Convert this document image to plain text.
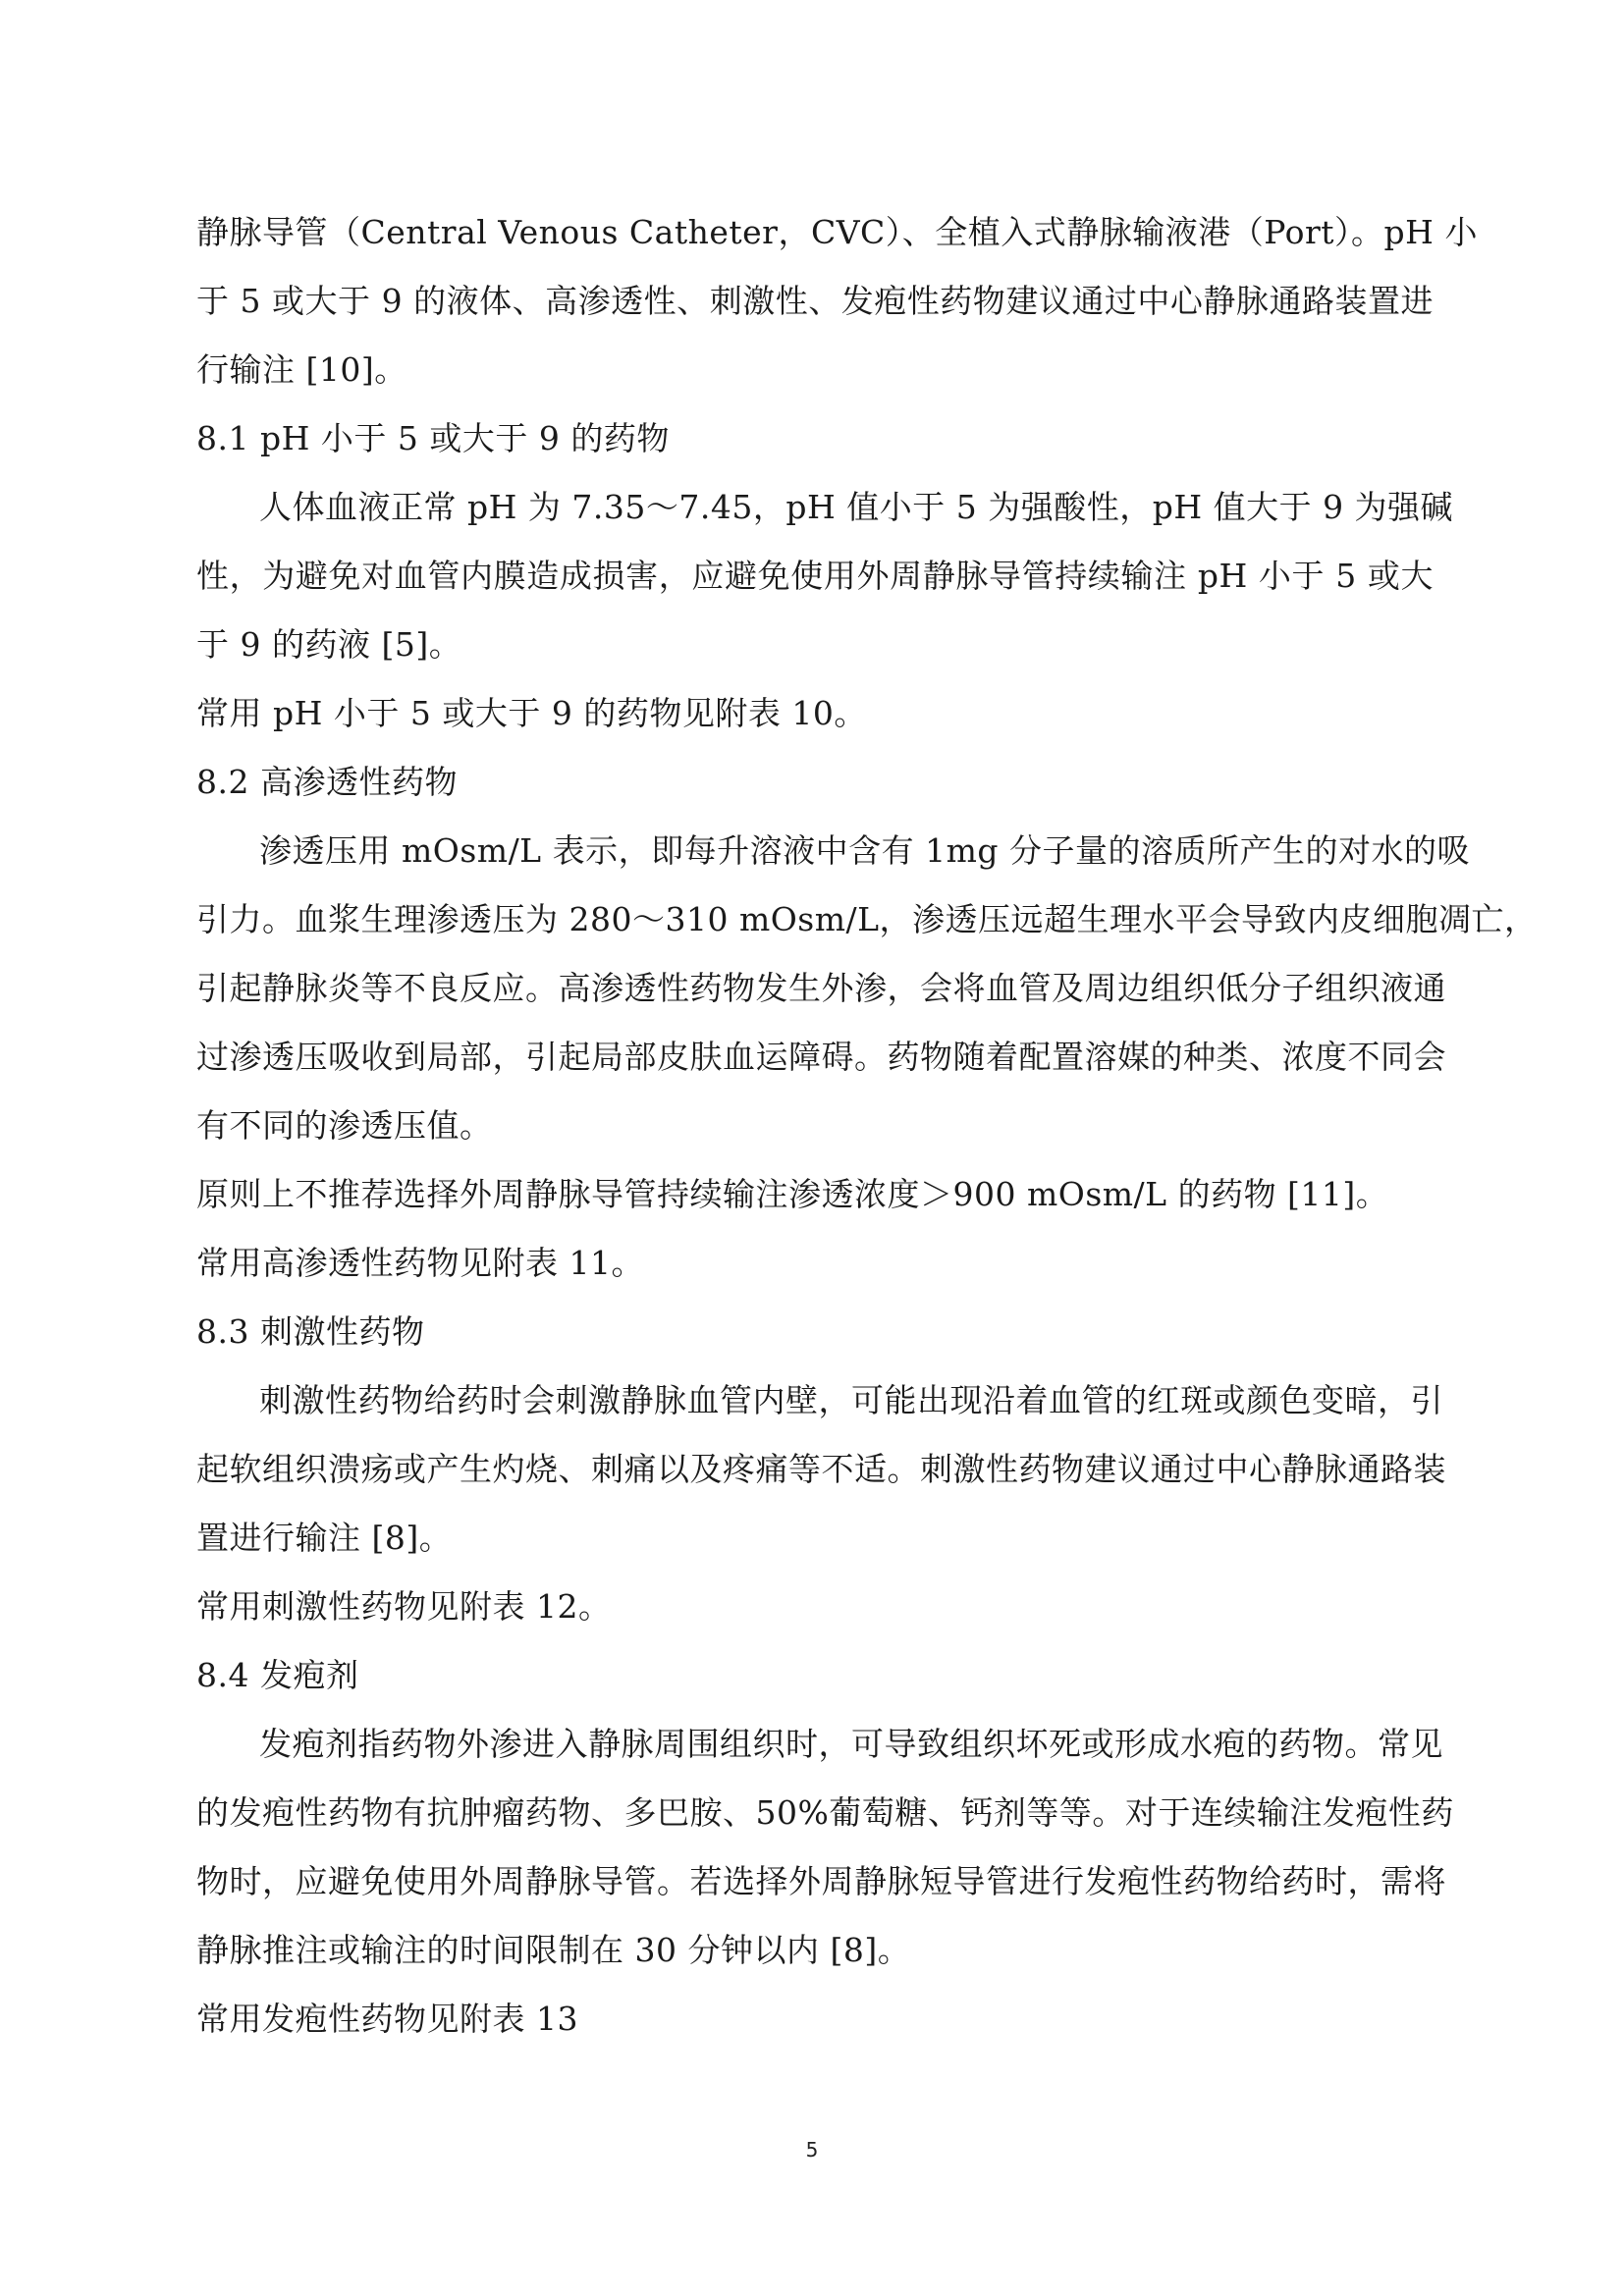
静脉导管（Central Venous Catheter，CVC）、全植入式静脉输液港（Port）。pH 小
于 5 或大于 9 的液体、高渗透性、刺激性、发疱性药物建议通过中心静脉通路装置进
行输注 [10]。
8.1 pH 小于 5 或大于 9 的药物
人体血液正常 pH 为 7.35～7.45，pH 值小于 5 为强酸性，pH 值大于 9 为强碱
性，为避免对血管内膜造成损害，应避免使用外周静脉导管持续输注 pH 小于 5 或大
于 9 的药液 [5]。
常用 pH 小于 5 或大于 9 的药物见附表 10。
8.2 高渗透性药物
渗透压用 mOsm/L 表示，即每升溶液中含有 1mg 分子量的溶质所产生的对水的吸
引力。血浆生理渗透压为 280～310 mOsm/L，渗透压远超生理水平会导致内皮细胞凋亡，
引起静脉炎等不良反应。高渗透性药物发生外渗，会将血管及周边组织低分子组织液通
过渗透压吸收到局部，引起局部皮肤血运障碍。药物随着配置溶媒的种类、浓度不同会
有不同的渗透压值。
原则上不推荐选择外周静脉导管持续输注渗透浓度＞900 mOsm/L 的药物 [11]。
常用高渗透性药物见附表 11。
8.3 刺激性药物
刺激性药物给药时会刺激静脉血管内壁，可能出现沿着血管的红斑或颜色变暗，引
起软组织溃疡或产生灼烧、刺痛以及疼痛等不适。刺激性药物建议通过中心静脉通路装
置进行输注 [8]。
常用刺激性药物见附表 12。
8.4 发疱剂
发疱剂指药物外渗进入静脉周围组织时，可导致组织坏死或形成水疱的药物。常见
的发疱性药物有抗肿瘤药物、多巴胺、50%葡萄糖、钙剂等等。对于连续输注发疱性药
物时，应避免使用外周静脉导管。若选择外周静脉短导管进行发疱性药物给药时，需将
静脉推注或输注的时间限制在 30 分钟以内 [8]。
常用发疱性药物见附表 13
5
